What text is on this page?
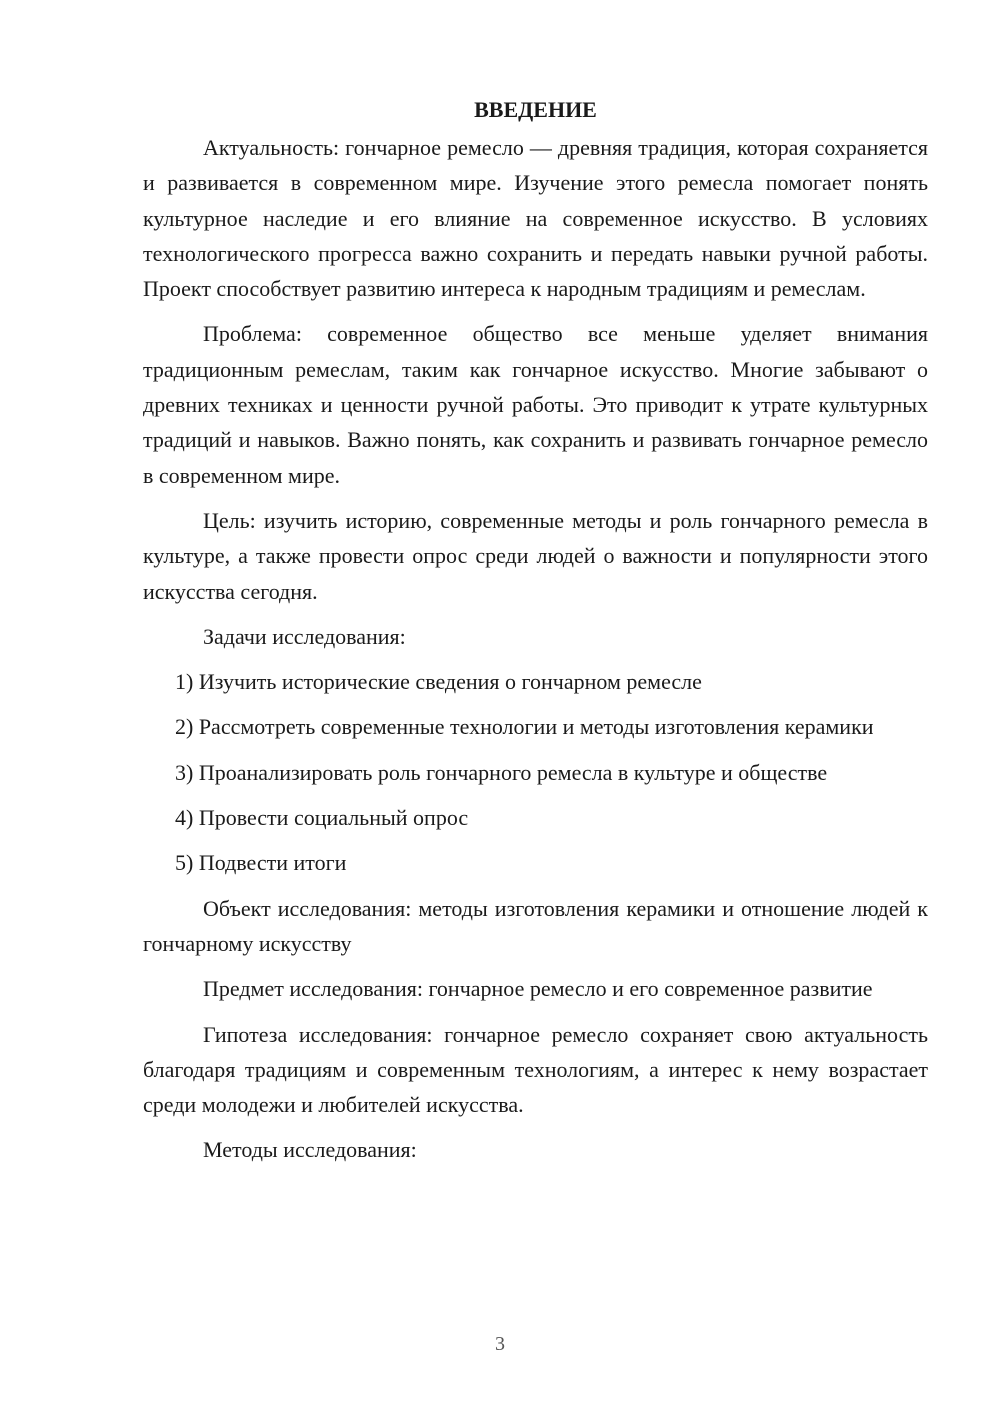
ВВЕДЕНИЕ

Актуальность: гончарное ремесло — древняя традиция, которая сохраняется и развивается в современном мире. Изучение этого ремесла помогает понять культурное наследие и его влияние на современное искусство. В условиях технологического прогресса важно сохранить и передать навыки ручной работы. Проект способствует развитию интереса к народным традициям и ремеслам.

Проблема: современное общество все меньше уделяет внимания традиционным ремеслам, таким как гончарное искусство. Многие забывают о древних техниках и ценности ручной работы. Это приводит к утрате культурных традиций и навыков. Важно понять, как сохранить и развивать гончарное ремесло в современном мире.

Цель: изучить историю, современные методы и роль гончарного ремесла в культуре, а также провести опрос среди людей о важности и популярности этого искусства сегодня.

Задачи исследования:

1) Изучить исторические сведения о гончарном ремесле

2) Рассмотреть современные технологии и методы изготовления керамики

3) Проанализировать роль гончарного ремесла в культуре и обществе

4) Провести социальный опрос

5) Подвести итоги

Объект исследования: методы изготовления керамики и отношение людей к гончарному искусству

Предмет исследования: гончарное ремесло и его современное развитие

Гипотеза исследования: гончарное ремесло сохраняет свою актуальность благодаря традициям и современным технологиям, а интерес к нему возрастает среди молодежи и любителей искусства.

Методы исследования:

3
